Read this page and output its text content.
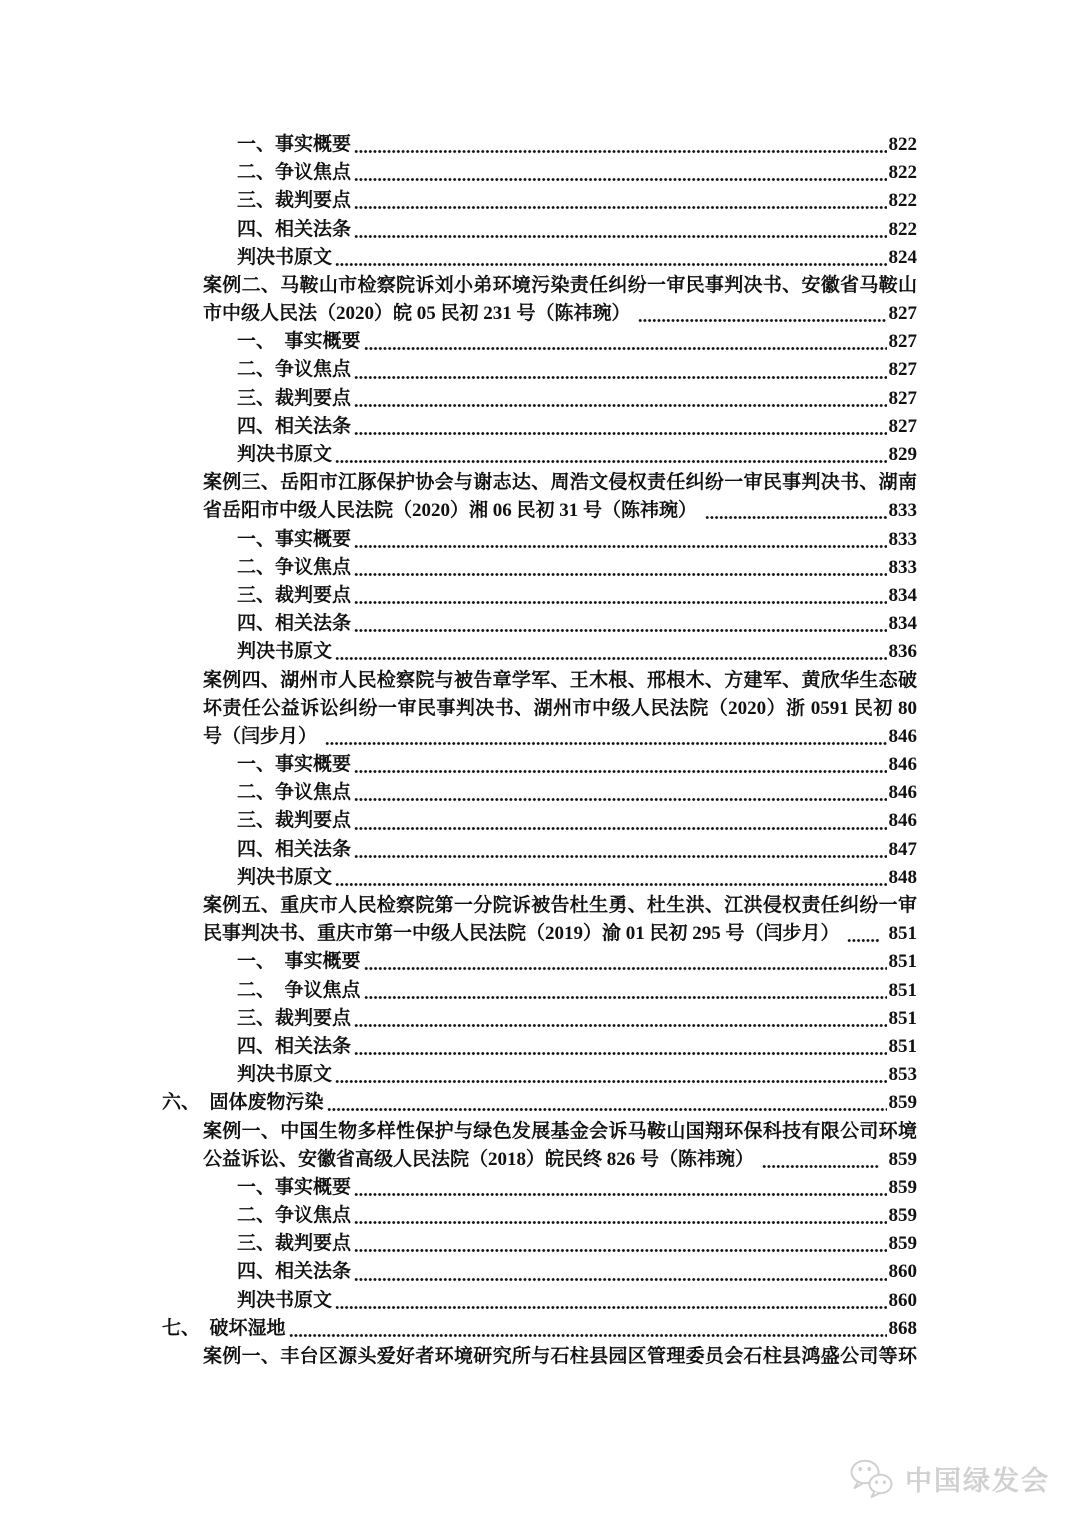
一、事实概要	822
二、争议焦点	822
三、裁判要点	822
四、相关法条	822
判决书原文	824
案例二、马鞍山市检察院诉刘小弟环境污染责任纠纷一审民事判决书、安徽省马鞍山
市中级人民法（2020）皖 05 民初 231 号（陈祎琬）	827
一、　事实概要	827
二、争议焦点	827
三、裁判要点	827
四、相关法条	827
判决书原文	829
案例三、岳阳市江豚保护协会与谢志达、周浩文侵权责任纠纷一审民事判决书、湖南
省岳阳市中级人民法院（2020）湘 06 民初 31 号（陈祎琬）	833
一、事实概要	833
二、争议焦点	833
三、裁判要点	834
四、相关法条	834
判决书原文	836
案例四、湖州市人民检察院与被告章学军、王木根、邢根木、方建军、黄欣华生态破
坏责任公益诉讼纠纷一审民事判决书、湖州市中级人民法院（2020）浙 0591 民初 80
号（闫步月）	846
一、事实概要	846
二、争议焦点	846
三、裁判要点	846
四、相关法条	847
判决书原文	848
案例五、重庆市人民检察院第一分院诉被告杜生勇、杜生洪、江洪侵权责任纠纷一审
民事判决书、重庆市第一中级人民法院（2019）渝 01 民初 295 号（闫步月） 851
一、　事实概要	851
二、　争议焦点	851
三、裁判要点	851
四、相关法条	851
判决书原文	853
六、　固体废物污染	859
案例一、中国生物多样性保护与绿色发展基金会诉马鞍山国翔环保科技有限公司环境
公益诉讼、安徽省高级人民法院（2018）皖民终 826 号（陈祎琬）	859
一、事实概要	859
二、争议焦点	859
三、裁判要点	859
四、相关法条	860
判决书原文	860
七、　破坏湿地	868
案例一、丰台区源头爱好者环境研究所与石柱县园区管理委员会石柱县鸿盛公司等环
中国绿发会
